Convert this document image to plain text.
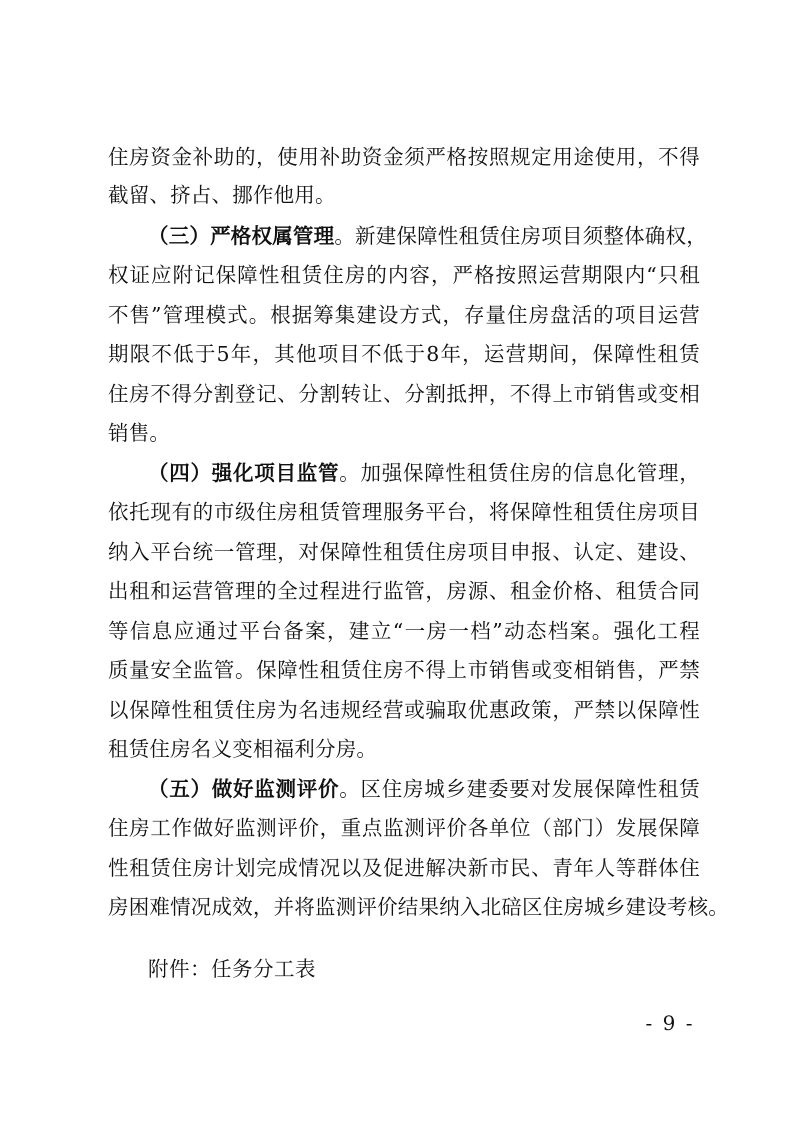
住房资金补助的，使用补助资金须严格按照规定用途使用，不得
截留、挤占、挪作他用。
（三）严格权属管理。新建保障性租赁住房项目须整体确权，
权证应附记保障性租赁住房的内容，严格按照运营期限内“只租
不售”管理模式。根据筹集建设方式，存量住房盘活的项目运营
期限不低于5年，其他项目不低于8年，运营期间，保障性租赁
住房不得分割登记、分割转让、分割抵押，不得上市销售或变相
销售。
（四）强化项目监管。加强保障性租赁住房的信息化管理，
依托现有的市级住房租赁管理服务平台，将保障性租赁住房项目
纳入平台统一管理，对保障性租赁住房项目申报、认定、建设、
出租和运营管理的全过程进行监管，房源、租金价格、租赁合同
等信息应通过平台备案，建立“一房一档”动态档案。强化工程
质量安全监管。保障性租赁住房不得上市销售或变相销售，严禁
以保障性租赁住房为名违规经营或骗取优惠政策，严禁以保障性
租赁住房名义变相福利分房。
（五）做好监测评价。区住房城乡建委要对发展保障性租赁
住房工作做好监测评价，重点监测评价各单位（部门）发展保障
性租赁住房计划完成情况以及促进解决新市民、青年人等群体住
房困难情况成效，并将监测评价结果纳入北碚区住房城乡建设考核。
附件：任务分工表
- 9 -
